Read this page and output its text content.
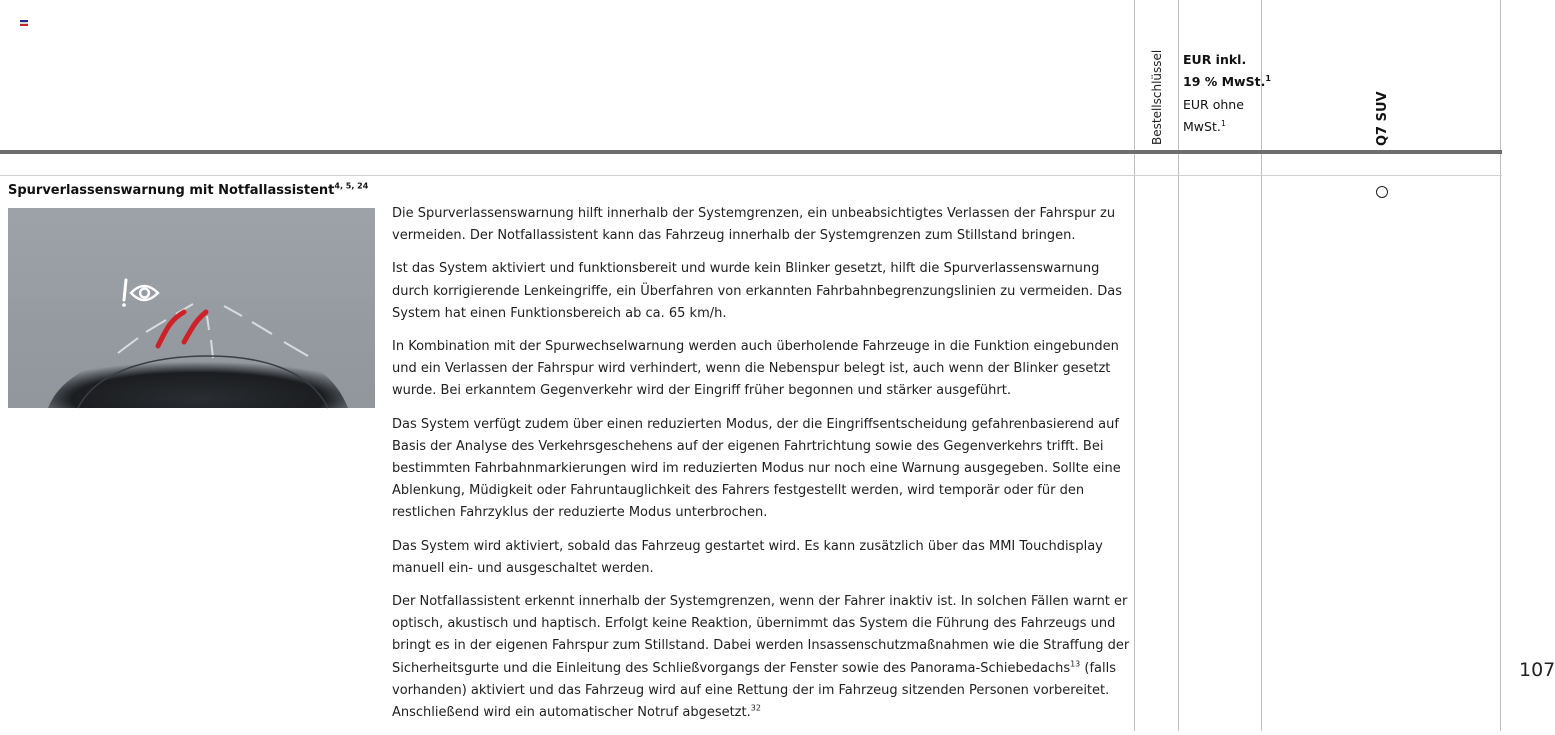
Bestellschlüssel EUR inkl.
19 % MwSt.$^1$
EUR ohne
MwSt.$^1$	Q7 SUV
Spurverlassenswarnung mit Notfallassistent$^{4, 5, 24}$

Die Spurverlassenswarnung hilft innerhalb der Systemgrenzen, ein unbeabsichtigtes Verlassen der Fahrspur zu vermeiden. Der Notfallassistent kann das Fahrzeug innerhalb der Systemgrenzen zum Stillstand bringen.

Ist das System aktiviert und funktionsbereit und wurde kein Blinker gesetzt, hilft die Spurverlassenswarnung durch korrigierende Lenkeingriffe, ein Überfahren von erkannten Fahrbahnbegrenzungslinien zu vermeiden. Das System hat einen Funktionsbereich ab ca. 65 km/h.

In Kombination mit der Spurwechselwarnung werden auch überholende Fahrzeuge in die Funktion eingebunden und ein Verlassen der Fahrspur wird verhindert, wenn die Nebenspur belegt ist, auch wenn der Blinker gesetzt wurde. Bei erkanntem Gegenverkehr wird der Eingriff früher begonnen und stärker ausgeführt.

Das System verfügt zudem über einen reduzierten Modus, der die Eingriffsentscheidung gefahrenbasierend auf Basis der Analyse des Verkehrsgeschehens auf der eigenen Fahrtrichtung sowie des Gegenverkehrs trifft. Bei bestimmten Fahrbahnmarkierungen wird im reduzierten Modus nur noch eine Warnung ausgegeben. Sollte eine Ablenkung, Müdigkeit oder Fahruntauglichkeit des Fahrers festgestellt werden, wird temporär oder für den restlichen Fahrzyklus der reduzierte Modus unterbrochen.

Das System wird aktiviert, sobald das Fahrzeug gestartet wird. Es kann zusätzlich über das MMI Touchdisplay manuell ein- und ausgeschaltet werden.

Der Notfallassistent erkennt innerhalb der Systemgrenzen, wenn der Fahrer inaktiv ist. In solchen Fällen warnt er optisch, akustisch und haptisch. Erfolgt keine Reaktion, übernimmt das System die Führung des Fahrzeugs und bringt es in der eigenen Fahrspur zum Stillstand. Dabei werden Insassenschutzmaßnahmen wie die Straffung der Sicherheitsgurte und die Einleitung des Schließvorgangs der Fenster sowie des Panorama-Schiebedachs$^{13}$ (falls vorhanden) aktiviert und das Fahrzeug wird auf eine Rettung der im Fahrzeug sitzenden Personen vorbereitet. Anschließend wird ein automatischer Notruf abgesetzt.$^{32}$

107
